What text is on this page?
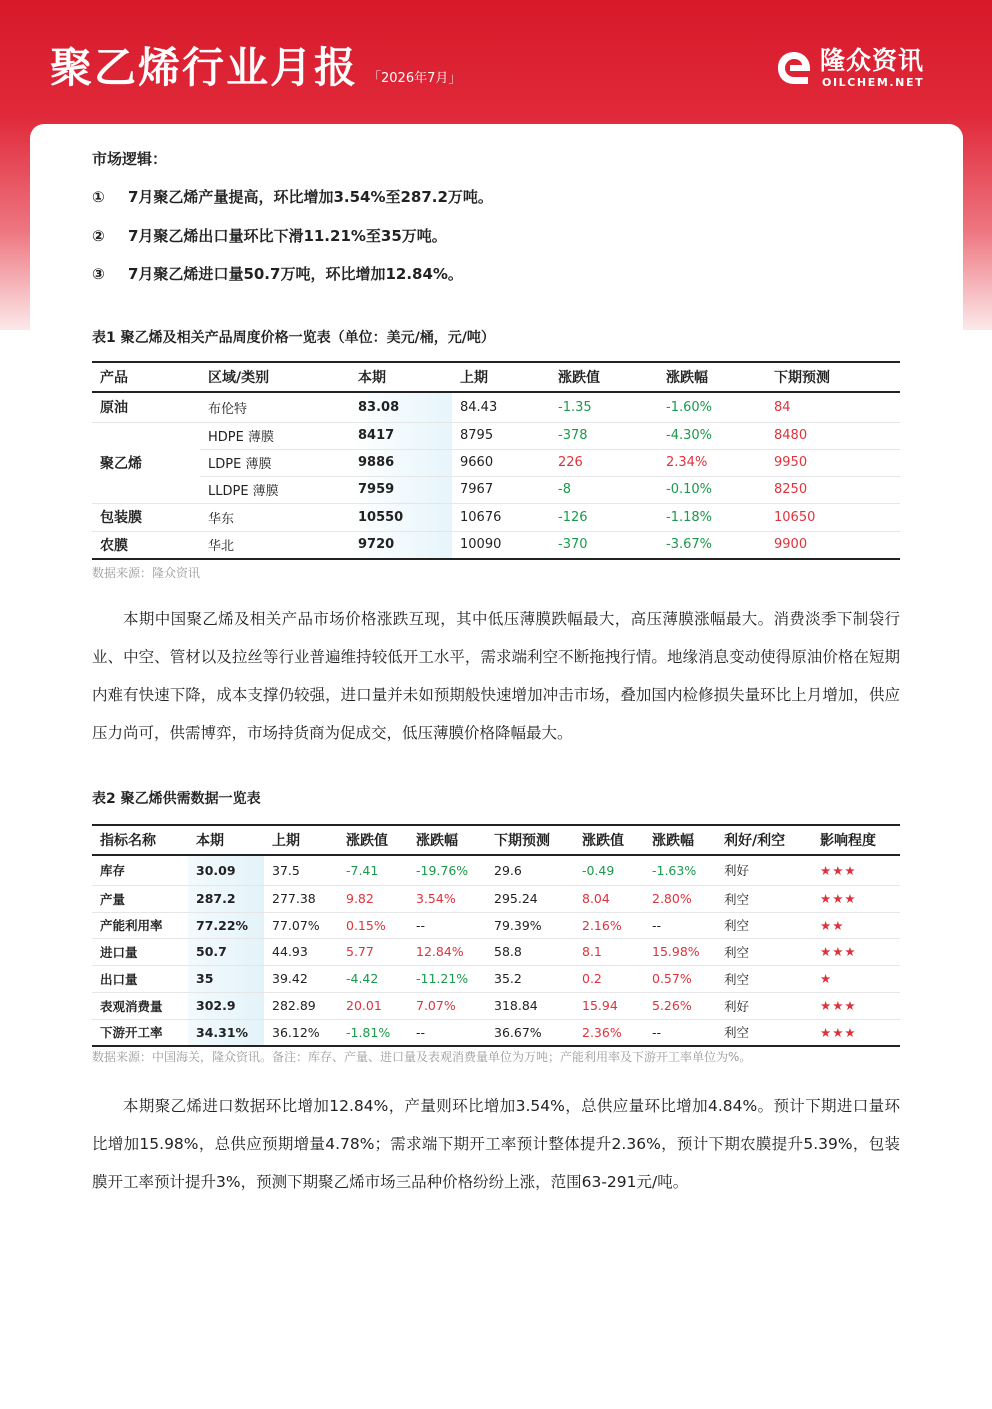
聚乙烯行业月报 「2026年7月」
隆众资讯
OILCHEM.NET
市场逻辑：
① 7月聚乙烯产量提高，环比增加3.54%至287.2万吨。
② 7月聚乙烯出口量环比下滑11.21%至35万吨。
③ 7月聚乙烯进口量50.7万吨，环比增加12.84%。
表1 聚乙烯及相关产品周度价格一览表（单位：美元/桶，元/吨）
产品	区域/类别	本期	上期	涨跌值	涨跌幅	下期预测
原油	布伦特	83.08	84.43	-1.35	-1.60%	84
聚乙烯	HDPE 薄膜	8417	8795	-378	-4.30%	8480
	LDPE 薄膜	9886	9660	226	2.34%	9950
	LLDPE 薄膜	7959	7967	-8	-0.10%	8250
包装膜	华东	10550	10676	-126	-1.18%	10650
农膜	华北	9720	10090	-370	-3.67%	9900
数据来源：隆众资讯
本期中国聚乙烯及相关产品市场价格涨跌互现，其中低压薄膜跌幅最大，高压薄膜涨幅最大。消费淡季下制袋行业、中空、管材以及拉丝等行业普遍维持较低开工水平，需求端利空不断拖拽行情。地缘消息变动使得原油价格在短期内难有快速下降，成本支撑仍较强，进口量并未如预期般快速增加冲击市场，叠加国内检修损失量环比上月增加，供应压力尚可，供需博弈，市场持货商为促成交，低压薄膜价格降幅最大。
表2 聚乙烯供需数据一览表
指标名称	本期	上期	涨跌值	涨跌幅	下期预测	涨跌值	涨跌幅	利好/利空	影响程度
库存	30.09	37.5	-7.41	-19.76%	29.6	-0.49	-1.63%	利好	★★★
产量	287.2	277.38	9.82	3.54%	295.24	8.04	2.80%	利空	★★★
产能利用率	77.22%	77.07%	0.15%	--	79.39%	2.16%	--	利空	★★
进口量	50.7	44.93	5.77	12.84%	58.8	8.1	15.98%	利空	★★★
出口量	35	39.42	-4.42	-11.21%	35.2	0.2	0.57%	利空	★
表观消费量	302.9	282.89	20.01	7.07%	318.84	15.94	5.26%	利好	★★★
下游开工率	34.31%	36.12%	-1.81%	--	36.67%	2.36%	--	利空	★★★
数据来源：中国海关，隆众资讯。备注：库存、产量、进口量及表观消费量单位为万吨；产能利用率及下游开工率单位为%。
本期聚乙烯进口数据环比增加12.84%，产量则环比增加3.54%，总供应量环比增加4.84%。预计下期进口量环比增加15.98%，总供应预期增量4.78%；需求端下期开工率预计整体提升2.36%，预计下期农膜提升5.39%，包装膜开工率预计提升3%，预测下期聚乙烯市场三品种价格纷纷上涨，范围63-291元/吨。
